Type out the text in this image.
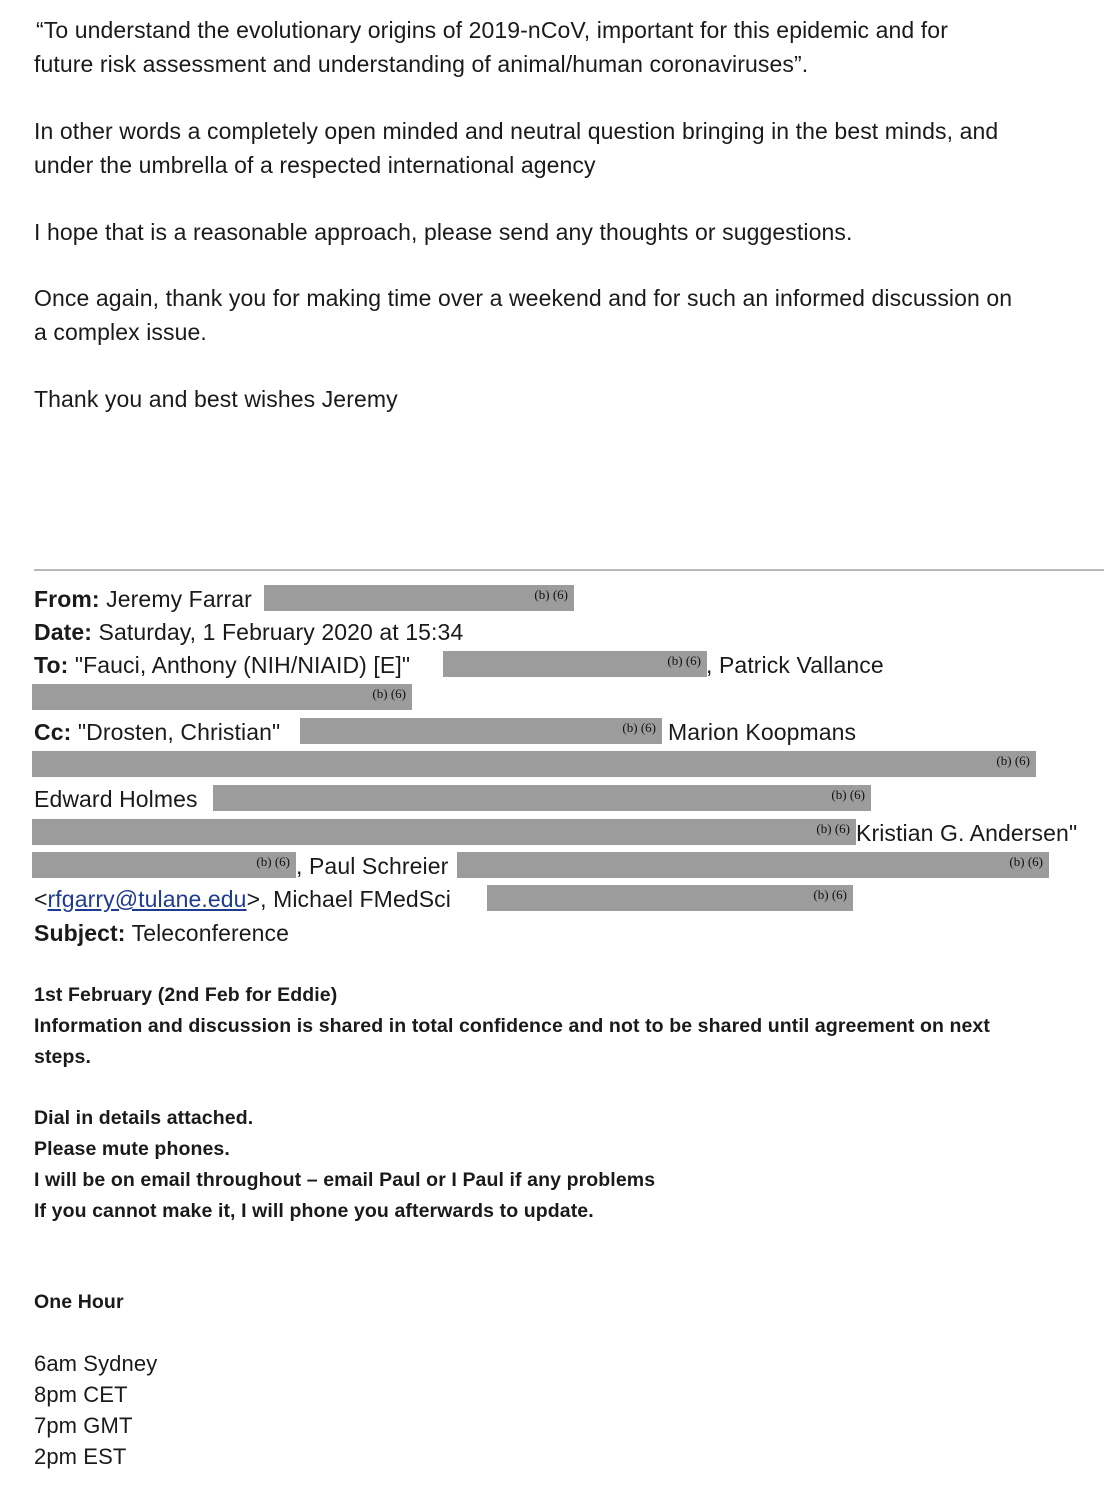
“To understand the evolutionary origins of 2019-nCoV, important for this epidemic and for
future risk assessment and understanding of animal/human coronaviruses”.
In other words a completely open minded and neutral question bringing in the best minds, and
under the umbrella of a respected international agency
I hope that is a reasonable approach, please send any thoughts or suggestions.
Once again, thank you for making time over a weekend and for such an informed discussion on
a complex issue.
Thank you and best wishes Jeremy
From: Jeremy Farrar	(b) (6)
Date: Saturday, 1 February 2020 at 15:34
To: "Fauci, Anthony (NIH/NIAID) [E]"	(b) (6) , Patrick Vallance
(b) (6)
Cc: "Drosten, Christian"	(b) (6) Marion Koopmans
(b) (6)
Edward Holmes	(b) (6)
(b) (6) Kristian G. Andersen"
(b) (6) , Paul Schreier	(b) (6)
<rfgarry@tulane.edu>, Michael FMedSci	(b) (6)
Subject: Teleconference
1st February (2nd Feb for Eddie)
Information and discussion is shared in total confidence and not to be shared until agreement on next
steps.
Dial in details attached.
Please mute phones.
I will be on email throughout – email Paul or I Paul if any problems
If you cannot make it, I will phone you afterwards to update.
One Hour
6am Sydney
8pm CET
7pm GMT
2pm EST
